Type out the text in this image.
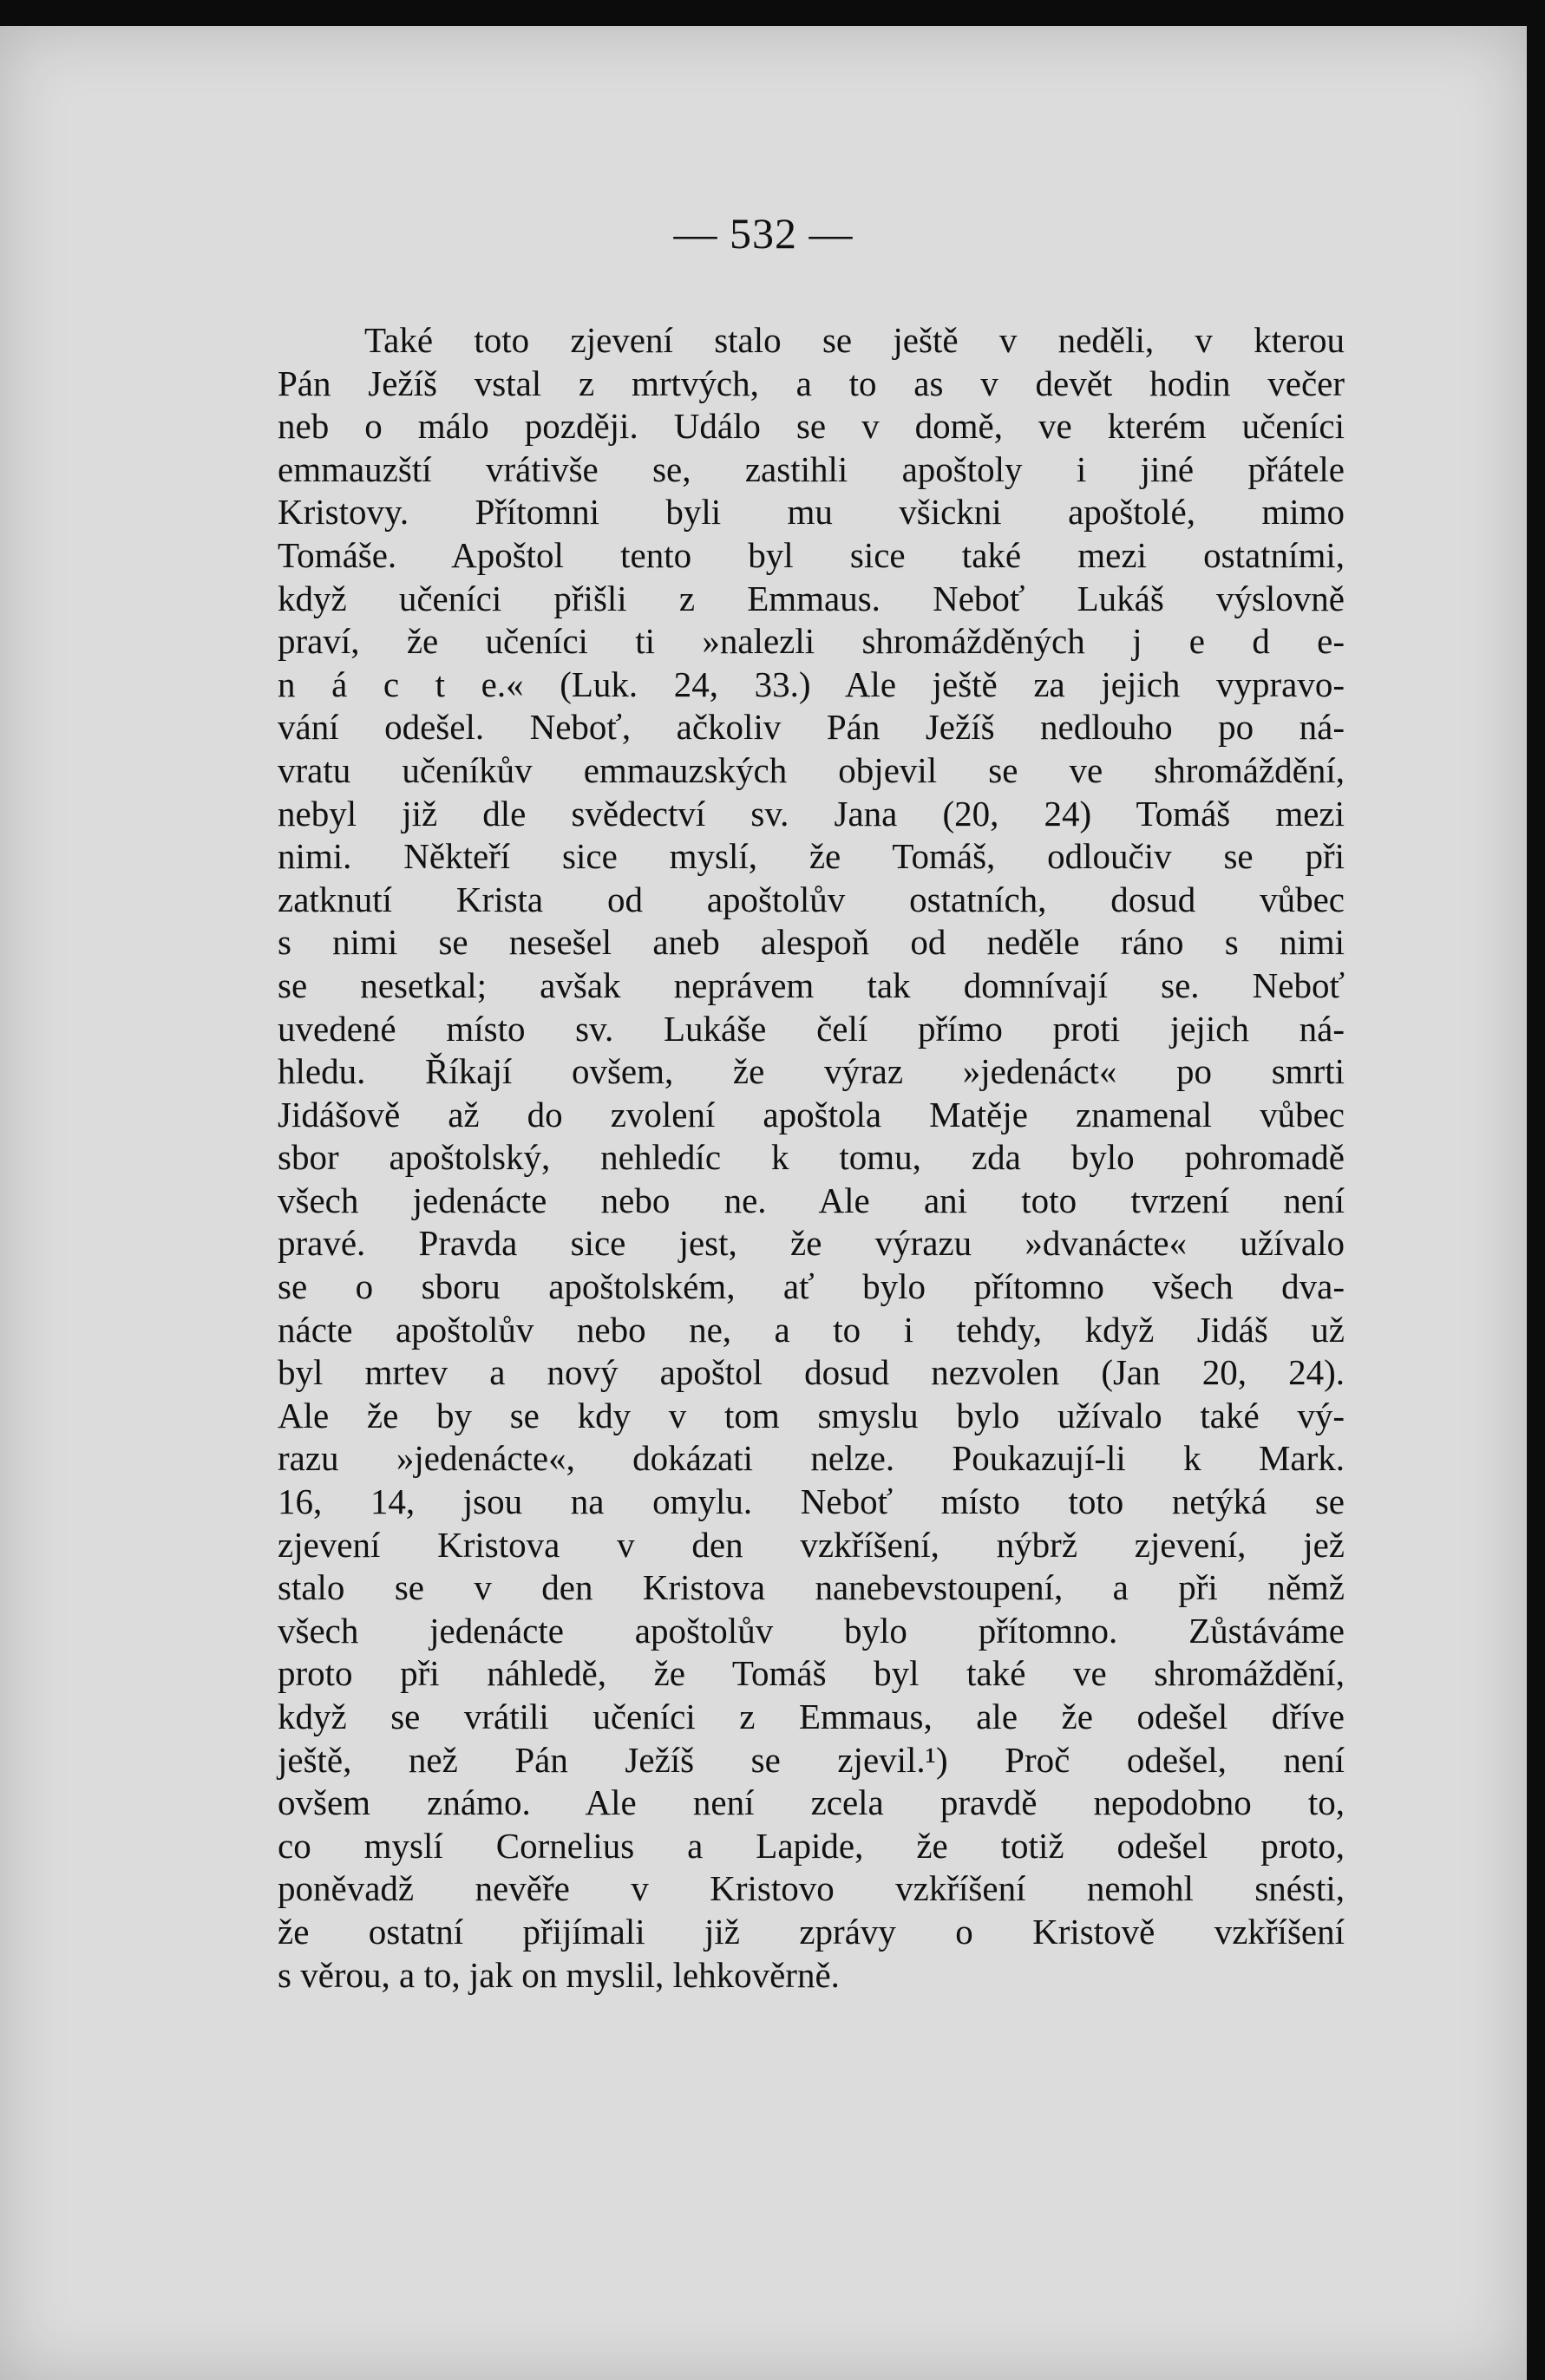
— 532 —
Také toto zjevení stalo se ještě v neděli, v kterou
Pán Ježíš vstal z mrtvých, a to as v devět hodin večer
neb o málo později. Událo se v domě, ve kterém učeníci
emmauzští vrátivše se, zastihli apoštoly i jiné přátele
Kristovy. Přítomni byli mu všickni apoštolé, mimo
Tomáše. Apoštol tento byl sice také mezi ostatními,
když učeníci přišli z Emmaus. Neboť Lukáš výslovně
praví, že učeníci ti »nalezli shromážděných j e d e-
n á c t e.« (Luk. 24, 33.) Ale ještě za jejich vypravo-
vání odešel. Neboť, ačkoliv Pán Ježíš nedlouho po ná-
vratu učeníkův emmauzských objevil se ve shromáždění,
nebyl již dle svědectví sv. Jana (20, 24) Tomáš mezi
nimi. Někteří sice myslí, že Tomáš, odloučiv se při
zatknutí Krista od apoštolův ostatních, dosud vůbec
s nimi se nesešel aneb alespoň od neděle ráno s nimi
se nesetkal; avšak neprávem tak domnívají se. Neboť
uvedené místo sv. Lukáše čelí přímo proti jejich ná-
hledu. Říkají ovšem, že výraz »jedenáct« po smrti
Jidášově až do zvolení apoštola Matěje znamenal vůbec
sbor apoštolský, nehledíc k tomu, zda bylo pohromadě
všech jedenácte nebo ne. Ale ani toto tvrzení není
pravé. Pravda sice jest, že výrazu »dvanácte« užívalo
se o sboru apoštolském, ať bylo přítomno všech dva-
nácte apoštolův nebo ne, a to i tehdy, když Jidáš už
byl mrtev a nový apoštol dosud nezvolen (Jan 20, 24).
Ale že by se kdy v tom smyslu bylo užívalo také vý-
razu »jedenácte«, dokázati nelze. Poukazují-li k Mark.
16, 14, jsou na omylu. Neboť místo toto netýká se
zjevení Kristova v den vzkříšení, nýbrž zjevení, jež
stalo se v den Kristova nanebevstoupení, a při němž
všech jedenácte apoštolův bylo přítomno. Zůstáváme
proto při náhledě, že Tomáš byl také ve shromáždění,
když se vrátili učeníci z Emmaus, ale že odešel dříve
ještě, než Pán Ježíš se zjevil.¹) Proč odešel, není
ovšem známo. Ale není zcela pravdě nepodobno to,
co myslí Cornelius a Lapide, že totiž odešel proto,
poněvadž nevěře v Kristovo vzkříšení nemohl snésti,
že ostatní přijímali již zprávy o Kristově vzkříšení
s věrou, a to, jak on myslil, lehkověrně.
